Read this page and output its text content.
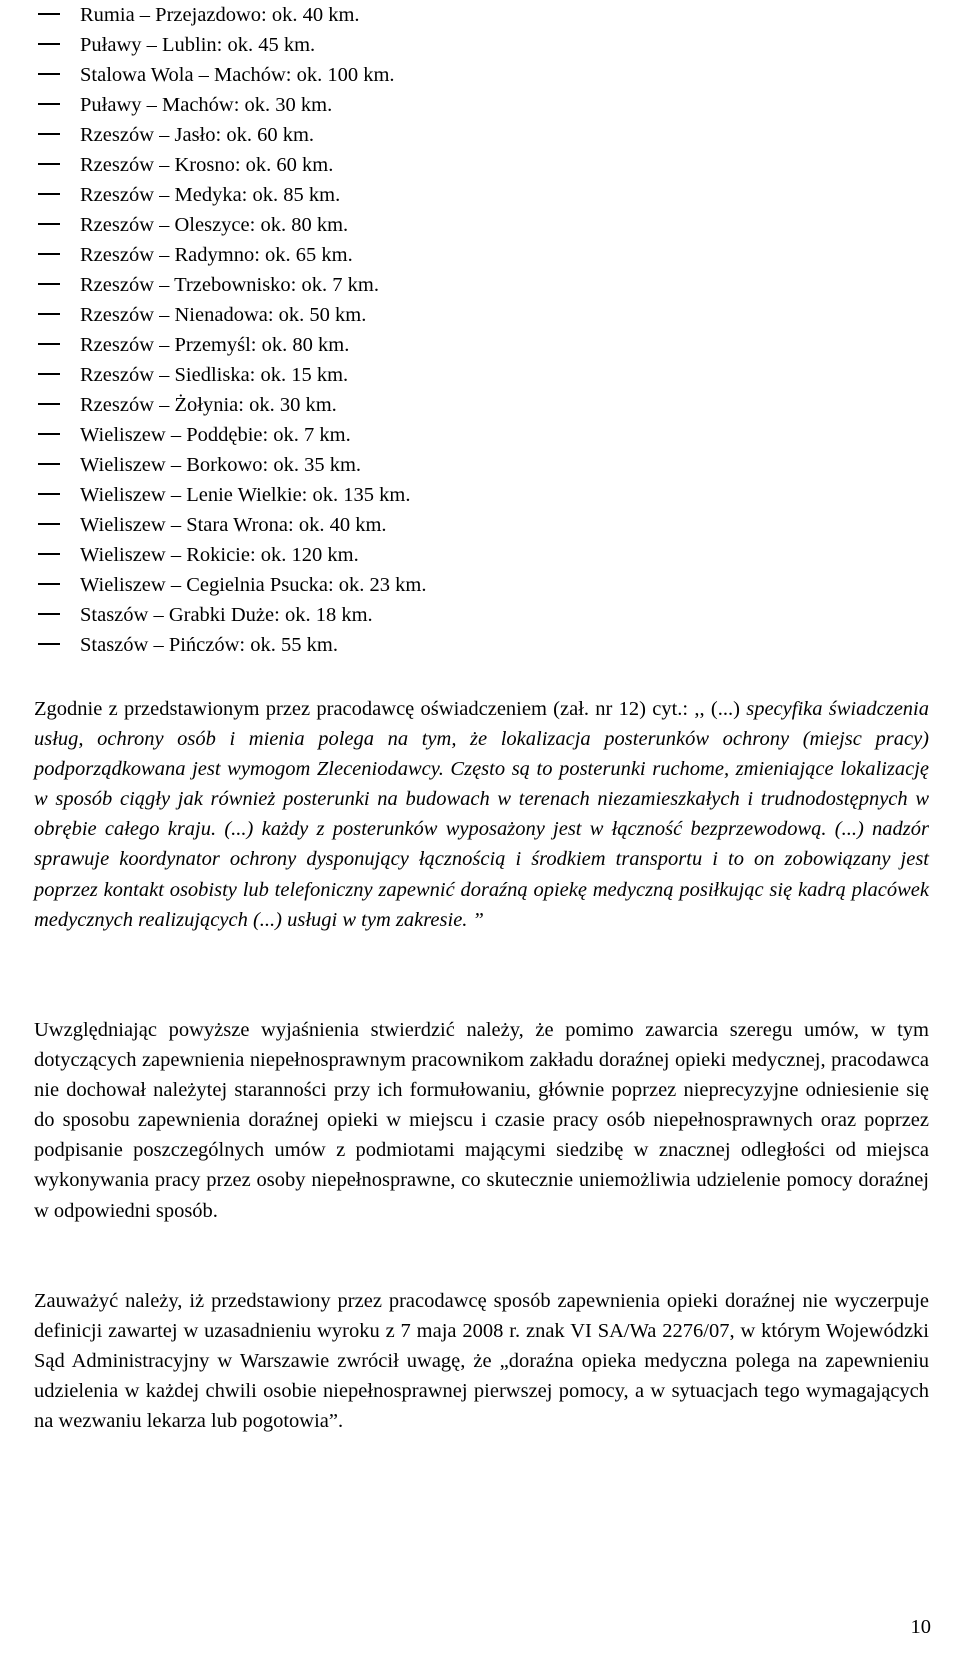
Rumia – Przejazdowo: ok. 40 km.
Puławy – Lublin: ok. 45 km.
Stalowa Wola – Machów: ok. 100 km.
Puławy – Machów: ok. 30 km.
Rzeszów – Jasło: ok. 60 km.
Rzeszów – Krosno: ok. 60 km.
Rzeszów – Medyka: ok. 85 km.
Rzeszów – Oleszyce: ok. 80 km.
Rzeszów – Radymno: ok. 65 km.
Rzeszów – Trzebownisko: ok. 7 km.
Rzeszów – Nienadowa: ok. 50 km.
Rzeszów – Przemyśl: ok. 80 km.
Rzeszów – Siedliska: ok. 15 km.
Rzeszów – Żołynia: ok. 30 km.
Wieliszew – Poddębie: ok. 7 km.
Wieliszew – Borkowo: ok. 35 km.
Wieliszew – Lenie Wielkie: ok. 135 km.
Wieliszew – Stara Wrona: ok. 40 km.
Wieliszew – Rokicie: ok. 120 km.
Wieliszew – Cegielnia Psucka: ok. 23 km.
Staszów – Grabki Duże: ok. 18 km.
Staszów – Pińczów: ok. 55 km.

Zgodnie z przedstawionym przez pracodawcę oświadczeniem (zał. nr 12) cyt.: ,, (...) specyfika świadczenia usług, ochrony osób i mienia polega na tym, że lokalizacja posterunków ochrony (miejsc pracy) podporządkowana jest wymogom Zleceniodawcy. Często są to posterunki ruchome, zmieniające lokalizację w sposób ciągły jak również posterunki na budowach w terenach niezamieszkałych i trudnodostępnych w obrębie całego kraju. (...) każdy z posterunków wyposażony jest w łączność bezprzewodową. (...) nadzór sprawuje koordynator ochrony dysponujący łącznością i środkiem transportu i to on zobowiązany jest poprzez kontakt osobisty lub telefoniczny zapewnić doraźną opiekę medyczną posiłkując się kadrą placówek medycznych realizujących (...) usługi w tym zakresie. ”

Uwzględniając powyższe wyjaśnienia stwierdzić należy, że pomimo zawarcia szeregu umów, w tym dotyczących zapewnienia niepełnosprawnym pracownikom zakładu doraźnej opieki medycznej, pracodawca nie dochował należytej staranności przy ich formułowaniu, głównie poprzez nieprecyzyjne odniesienie się do sposobu zapewnienia doraźnej opieki w miejscu i czasie pracy osób niepełnosprawnych oraz poprzez podpisanie poszczególnych umów z podmiotami mającymi siedzibę w znacznej odległości od miejsca wykonywania pracy przez osoby niepełnosprawne, co skutecznie uniemożliwia udzielenie pomocy doraźnej w odpowiedni sposób.

Zauważyć należy, iż przedstawiony przez pracodawcę sposób zapewnienia opieki doraźnej nie wyczerpuje definicji zawartej w uzasadnieniu wyroku z 7 maja 2008 r. znak VI SA/Wa 2276/07, w którym Wojewódzki Sąd Administracyjny w Warszawie zwrócił uwagę, że „doraźna opieka medyczna polega na zapewnieniu udzielenia w każdej chwili osobie niepełnosprawnej pierwszej pomocy, a w sytuacjach tego wymagających na wezwaniu lekarza lub pogotowia”.

10
